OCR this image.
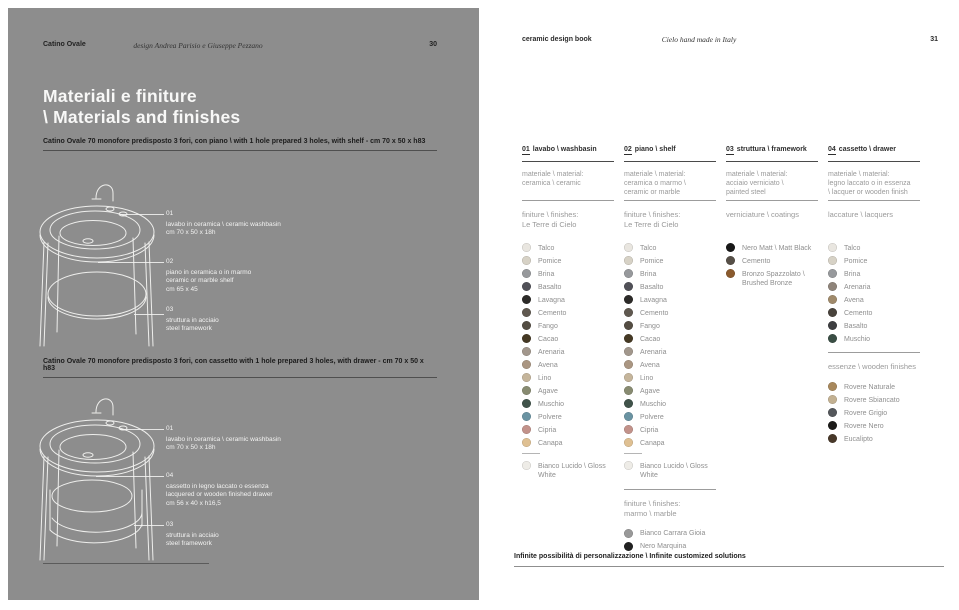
Catino Ovale	design Andrea Parisio e Giuseppe Pezzano	30
Materiali e finiture
\ Materials and finishes
Catino Ovale 70 monofore predisposto 3 fori, con piano \ with 1 hole prepared 3 holes, with shelf - cm 70 x 50 x h83
Catino Ovale 70 monofore predisposto 3 fori, con cassetto with 1 hole prepared 3 holes, with drawer - cm 70 x 50 x h83
01
lavabo in ceramica \ ceramic washbasin
cm 70 x 50 x 18h
02
piano in ceramica o in marmo
ceramic or marble shelf
cm 65 x 45
03
struttura in acciaio
steel framework
01
lavabo in ceramica \ ceramic washbasin
cm 70 x 50 x 18h
04
cassetto in legno laccato o essenza
lacquered or wooden finished drawer
cm 56 x 40 x h16,5
03
struttura in acciaio
steel framework
ceramic design book	Cielo hand made in Italy	31
01 lavabo \ washbasin
materiale \ material:
ceramica \ ceramic
finiture \ finishes:
Le Terre di Cielo
Talco
Pomice
Brina
Basalto
Lavagna
Cemento
Fango
Cacao
Arenaria
Avena
Lino
Agave
Muschio
Polvere
Cipria
Canapa
Bianco Lucido \ Gloss White
02 piano \ shelf
materiale \ material:
ceramica o marmo \
ceramic or marble
finiture \ finishes:
Le Terre di Cielo
Talco
Pomice
Brina
Basalto
Lavagna
Cemento
Fango
Cacao
Arenaria
Avena
Lino
Agave
Muschio
Polvere
Cipria
Canapa
Bianco Lucido \ Gloss White
finiture \ finishes:
marmo \ marble
Bianco Carrara Gioia
Nero Marquina
03 struttura \ framework
materiale \ material:
acciaio verniciato \
painted steel
verniciature \ coatings
Nero Matt \ Matt Black
Cemento
Bronzo Spazzolato \ Brushed Bronze
04 cassetto \ drawer
materiale \ material:
legno laccato o in essenza
\ lacquer or wooden finish
laccature \ lacquers
Talco
Pomice
Brina
Arenaria
Avena
Cemento
Basalto
Muschio
essenze \ wooden finishes
Rovere Naturale
Rovere Sbiancato
Rovere Grigio
Rovere Nero
Eucalipto
Infinite possibilità di personalizzazione \ Infinite customized solutions
